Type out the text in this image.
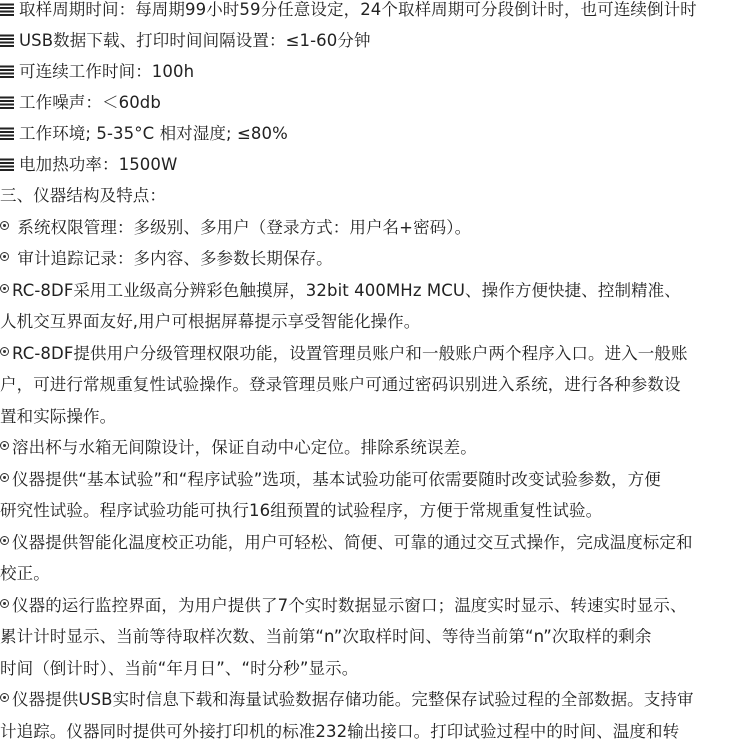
取样周期时间：每周期99小时59分任意设定，24个取样周期可分段倒计时，也可连续倒计时
USB数据下载、打印时间间隔设置：≤1-60分钟
可连续工作时间：100h
工作噪声：＜60db
工作环境; 5-35°C 相对湿度; ≤80%
电加热功率：1500W
三、仪器结构及特点：
系统权限管理：多级别、多用户（登录方式：用户名+密码）。
审计追踪记录：多内容、多参数长期保存。
RC-8DF采用工业级高分辨彩色触摸屏，32bit 400MHz MCU、操作方便快捷、控制精准、
人机交互界面友好,用户可根据屏幕提示享受智能化操作。
RC-8DF提供用户分级管理权限功能，设置管理员账户和一般账户两个程序入口。进入一般账
户，可进行常规重复性试验操作。登录管理员账户可通过密码识别进入系统，进行各种参数设
置和实际操作。
溶出杯与水箱无间隙设计，保证自动中心定位。排除系统误差。
仪器提供“基本试验”和“程序试验”选项，基本试验功能可依需要随时改变试验参数，方便
研究性试验。程序试验功能可执行16组预置的试验程序，方便于常规重复性试验。
仪器提供智能化温度校正功能，用户可轻松、简便、可靠的通过交互式操作，完成温度标定和
校正。
仪器的运行监控界面，为用户提供了7个实时数据显示窗口；温度实时显示、转速实时显示、
累计计时显示、当前等待取样次数、当前第“n”次取样时间、等待当前第“n”次取样的剩余
时间（倒计时）、当前“年月日”、“时分秒”显示。
仪器提供USB实时信息下载和海量试验数据存储功能。完整保存试验过程的全部数据。支持审
计追踪。仪器同时提供可外接打印机的标准232输出接口。打印试验过程中的时间、温度和转
